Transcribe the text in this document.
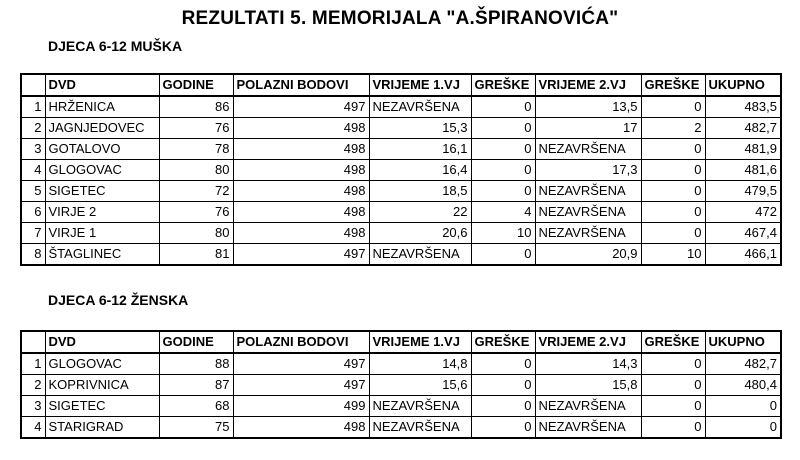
REZULTATI 5. MEMORIJALA "A.ŠPIRANOVIĆA"
DJECA 6-12 MUŠKA
	DVD	GODINE	POLAZNI BODOVI	VRIJEME 1.VJ	GREŠKE	VRIJEME 2.VJ	GREŠKE	UKUPNO
1	HRŽENICA	86	497	NEZAVRŠENA	0	13,5	0	483,5
2	JAGNJEDOVEC	76	498	15,3	0	17	2	482,7
3	GOTALOVO	78	498	16,1	0	NEZAVRŠENA	0	481,9
4	GLOGOVAC	80	498	16,4	0	17,3	0	481,6
5	SIGETEC	72	498	18,5	0	NEZAVRŠENA	0	479,5
6	VIRJE 2	76	498	22	4	NEZAVRŠENA	0	472
7	VIRJE 1	80	498	20,6	10	NEZAVRŠENA	0	467,4
8	ŠTAGLINEC	81	497	NEZAVRŠENA	0	20,9	10	466,1
DJECA 6-12 ŽENSKA
	DVD	GODINE	POLAZNI BODOVI	VRIJEME 1.VJ	GREŠKE	VRIJEME 2.VJ	GREŠKE	UKUPNO
1	GLOGOVAC	88	497	14,8	0	14,3	0	482,7
2	KOPRIVNICA	87	497	15,6	0	15,8	0	480,4
3	SIGETEC	68	499	NEZAVRŠENA	0	NEZAVRŠENA	0	0
4	STARIGRAD	75	498	NEZAVRŠENA	0	NEZAVRŠENA	0	0
